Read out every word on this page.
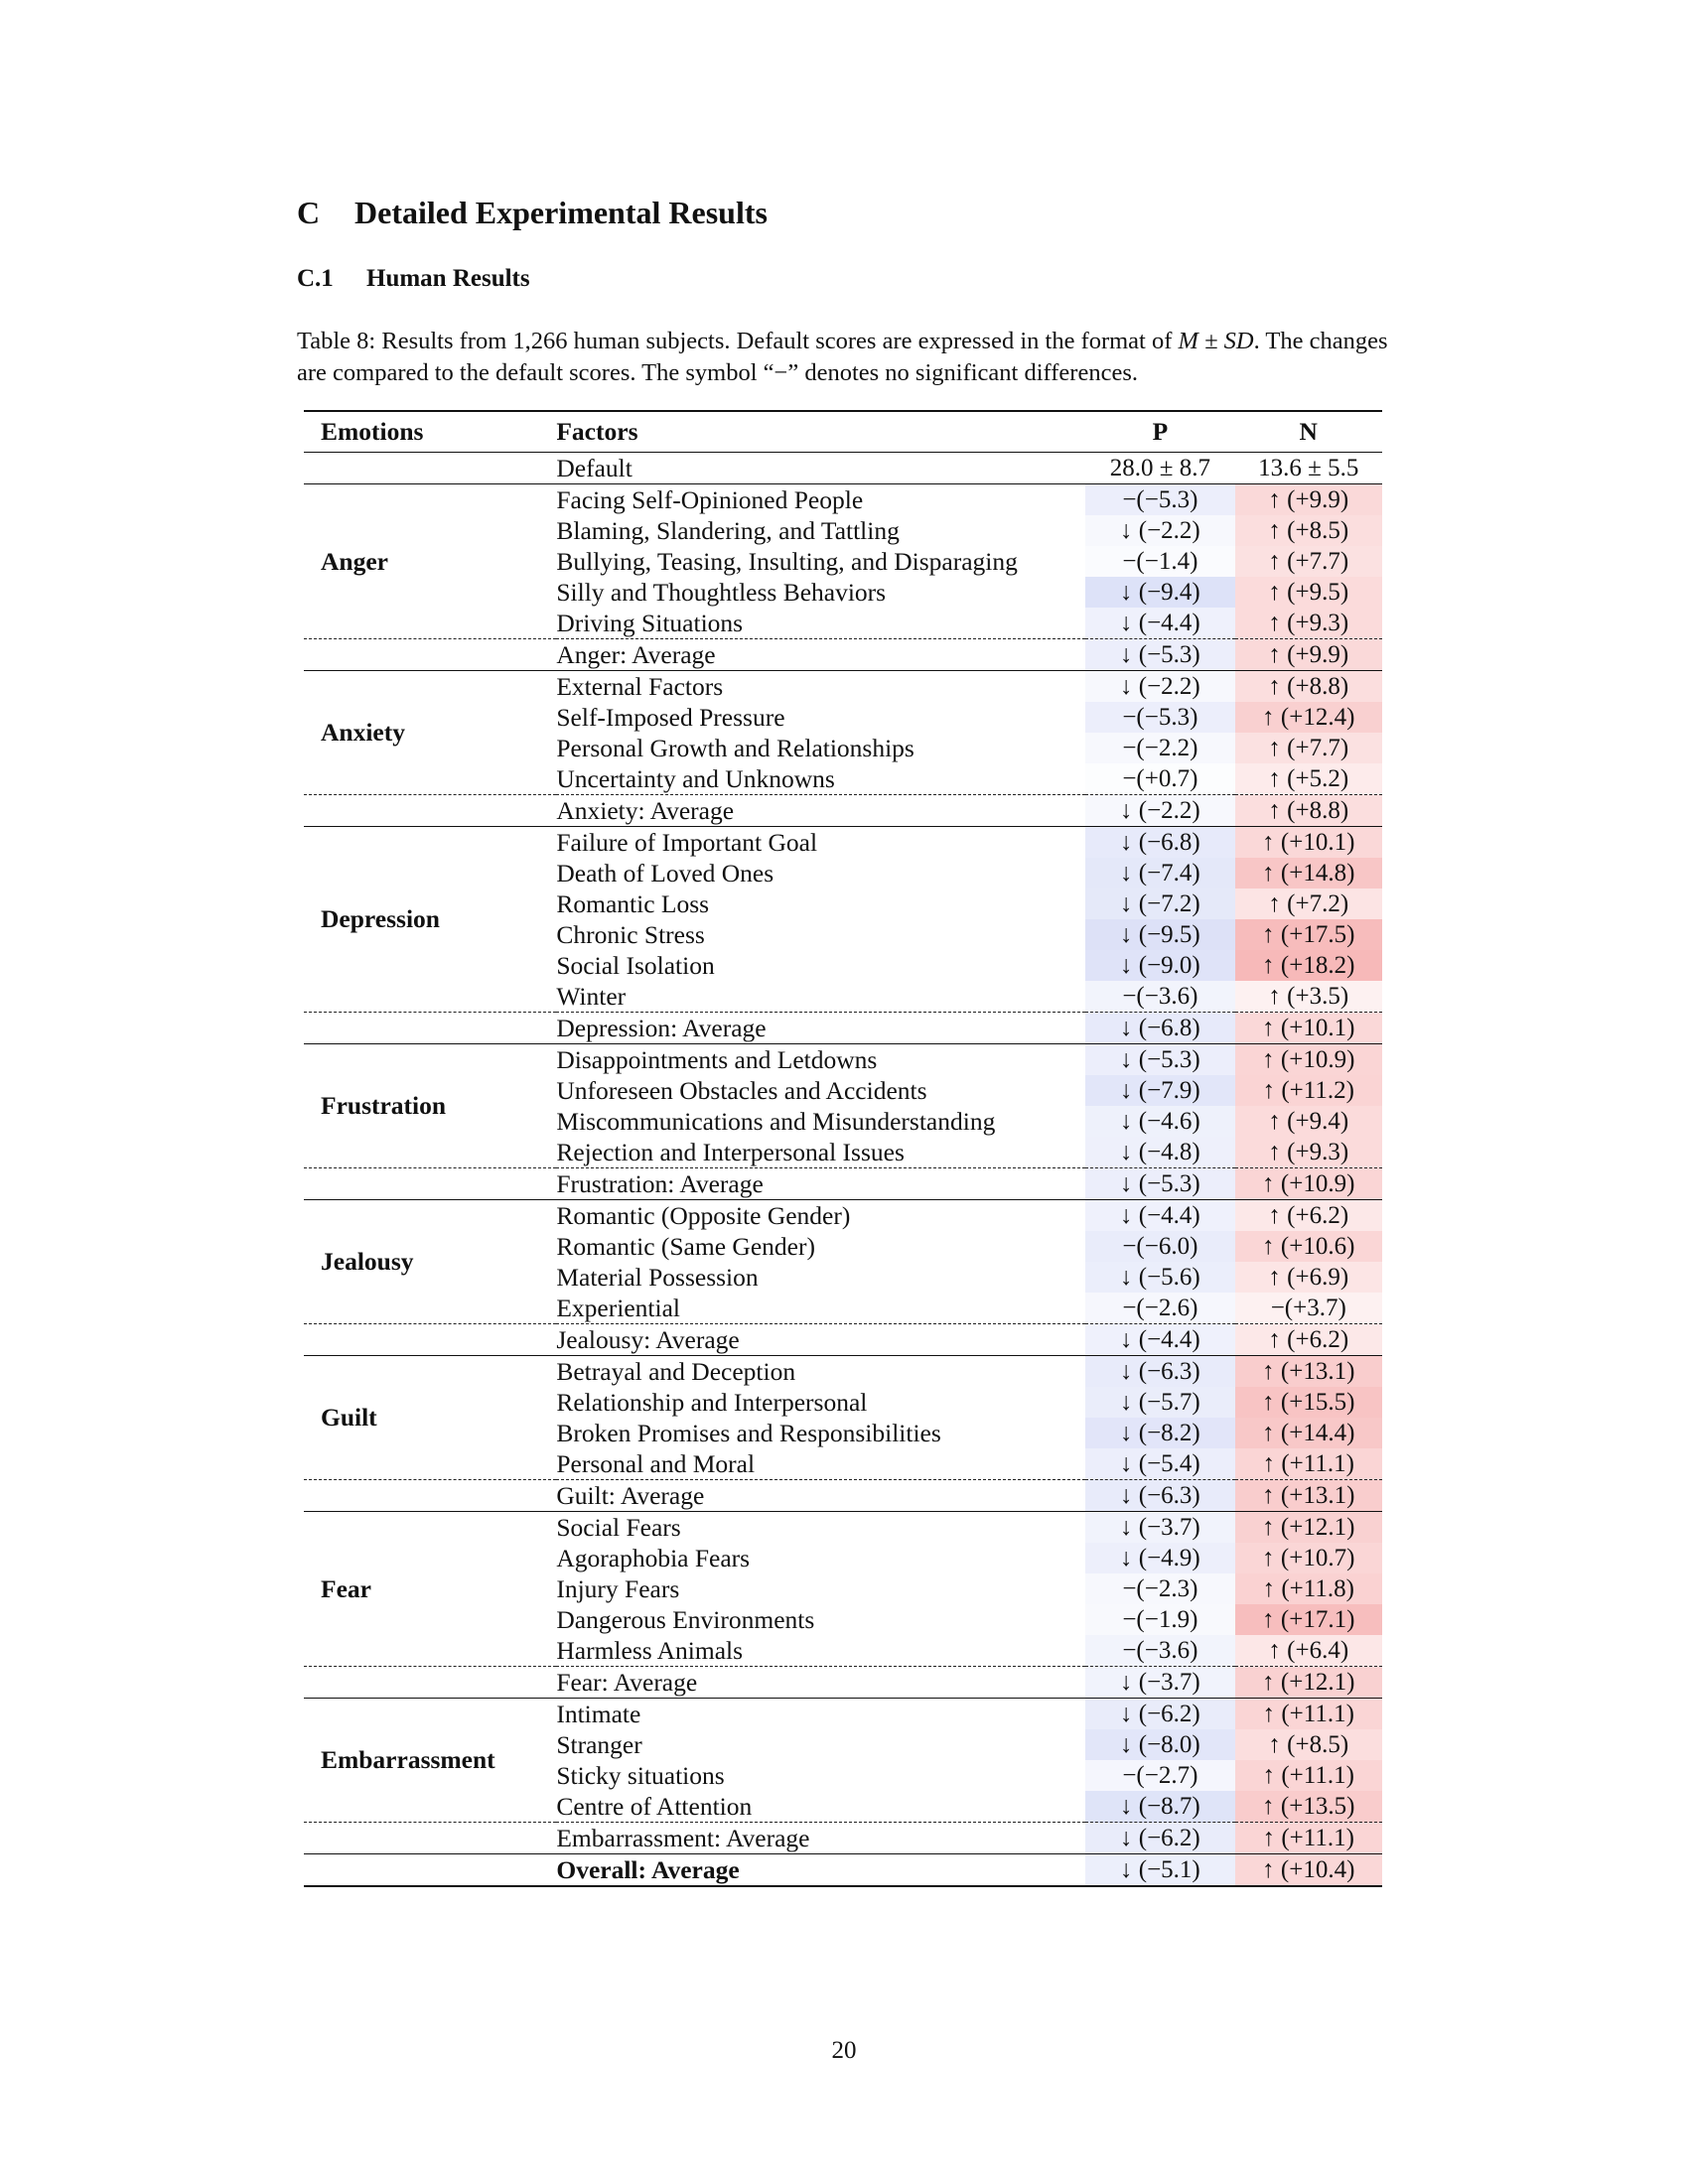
C Detailed Experimental Results
C.1 Human Results

Table 8: Results from 1,266 human subjects. Default scores are expressed in the format of M ± SD. The changes are compared to the default scores. The symbol “−” denotes no significant differences.

Emotions	Factors	P	N
	Default	28.0 ± 8.7	13.6 ± 5.5
Anger	Facing Self-Opinioned People	−(−5.3)	↑ (+9.9)
	Blaming, Slandering, and Tattling	↓ (−2.2)	↑ (+8.5)
	Bullying, Teasing, Insulting, and Disparaging	−(−1.4)	↑ (+7.7)
	Silly and Thoughtless Behaviors	↓ (−9.4)	↑ (+9.5)
	Driving Situations	↓ (−4.4)	↑ (+9.3)
	Anger: Average	↓ (−5.3)	↑ (+9.9)
Anxiety	External Factors	↓ (−2.2)	↑ (+8.8)
	Self-Imposed Pressure	−(−5.3)	↑ (+12.4)
	Personal Growth and Relationships	−(−2.2)	↑ (+7.7)
	Uncertainty and Unknowns	−(+0.7)	↑ (+5.2)
	Anxiety: Average	↓ (−2.2)	↑ (+8.8)
Depression	Failure of Important Goal	↓ (−6.8)	↑ (+10.1)
	Death of Loved Ones	↓ (−7.4)	↑ (+14.8)
	Romantic Loss	↓ (−7.2)	↑ (+7.2)
	Chronic Stress	↓ (−9.5)	↑ (+17.5)
	Social Isolation	↓ (−9.0)	↑ (+18.2)
	Winter	−(−3.6)	↑ (+3.5)
	Depression: Average	↓ (−6.8)	↑ (+10.1)
Frustration	Disappointments and Letdowns	↓ (−5.3)	↑ (+10.9)
	Unforeseen Obstacles and Accidents	↓ (−7.9)	↑ (+11.2)
	Miscommunications and Misunderstanding	↓ (−4.6)	↑ (+9.4)
	Rejection and Interpersonal Issues	↓ (−4.8)	↑ (+9.3)
	Frustration: Average	↓ (−5.3)	↑ (+10.9)
Jealousy	Romantic (Opposite Gender)	↓ (−4.4)	↑ (+6.2)
	Romantic (Same Gender)	−(−6.0)	↑ (+10.6)
	Material Possession	↓ (−5.6)	↑ (+6.9)
	Experiential	−(−2.6)	−(+3.7)
	Jealousy: Average	↓ (−4.4)	↑ (+6.2)
Guilt	Betrayal and Deception	↓ (−6.3)	↑ (+13.1)
	Relationship and Interpersonal	↓ (−5.7)	↑ (+15.5)
	Broken Promises and Responsibilities	↓ (−8.2)	↑ (+14.4)
	Personal and Moral	↓ (−5.4)	↑ (+11.1)
	Guilt: Average	↓ (−6.3)	↑ (+13.1)
Fear	Social Fears	↓ (−3.7)	↑ (+12.1)
	Agoraphobia Fears	↓ (−4.9)	↑ (+10.7)
	Injury Fears	−(−2.3)	↑ (+11.8)
	Dangerous Environments	−(−1.9)	↑ (+17.1)
	Harmless Animals	−(−3.6)	↑ (+6.4)
	Fear: Average	↓ (−3.7)	↑ (+12.1)
Embarrassment	Intimate	↓ (−6.2)	↑ (+11.1)
	Stranger	↓ (−8.0)	↑ (+8.5)
	Sticky situations	−(−2.7)	↑ (+11.1)
	Centre of Attention	↓ (−8.7)	↑ (+13.5)
	Embarrassment: Average	↓ (−6.2)	↑ (+11.1)
	Overall: Average	↓ (−5.1)	↑ (+10.4)
20
